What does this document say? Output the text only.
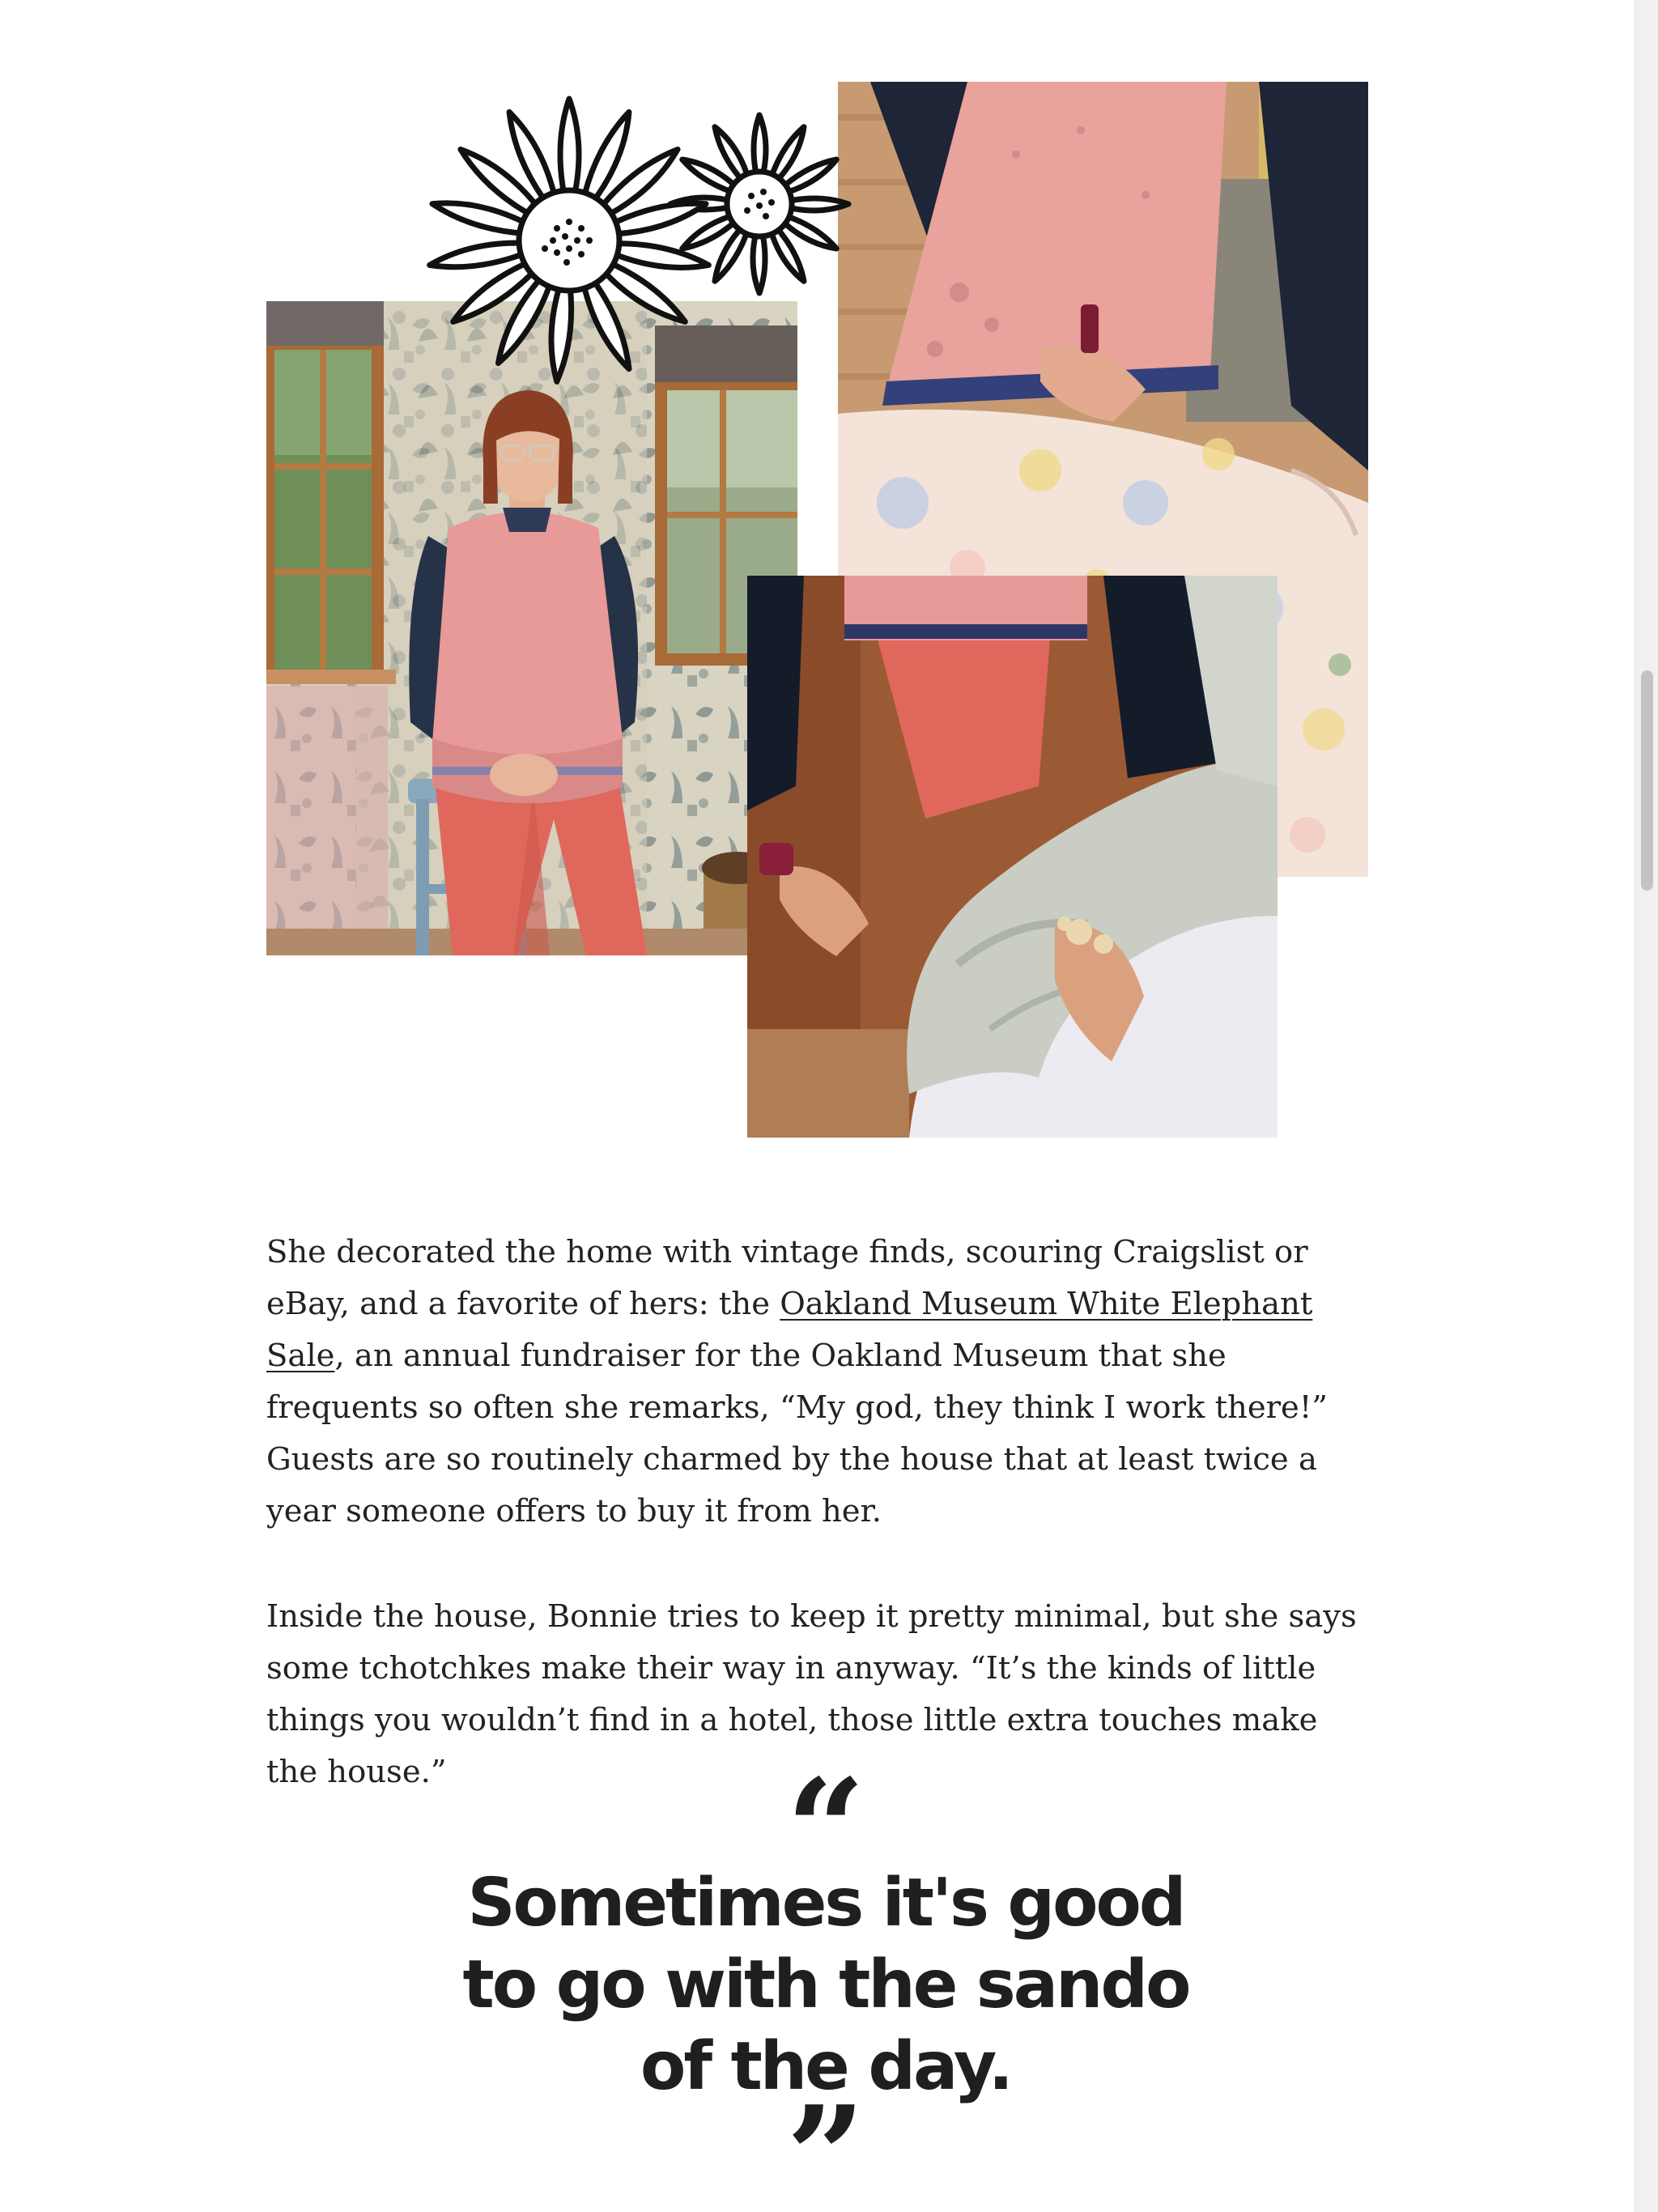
She decorated the home with vintage finds, scouring Craigslist or eBay, and a favorite of hers: the Oakland Museum White Elephant Sale, an annual fundraiser for the Oakland Museum that she frequents so often she remarks, “My god, they think I work there!” Guests are so routinely charmed by the house that at least twice a year someone offers to buy it from her.

Inside the house, Bonnie tries to keep it pretty minimal, but she says some tchotchkes make their way in anyway. “It’s the kinds of little things you wouldn’t find in a hotel, those little extra touches make the house.”	“

Sometimes it's good to go with the sando of the day.

”
